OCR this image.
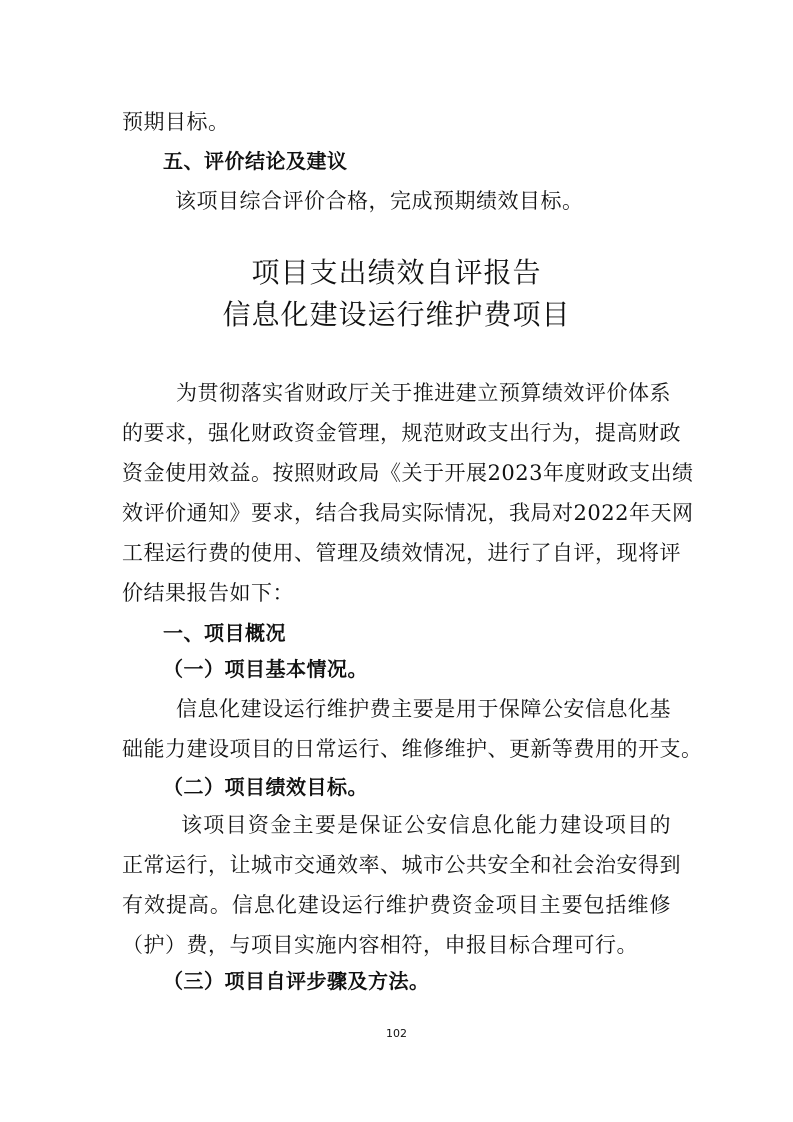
预期目标。
五、评价结论及建议
该项目综合评价合格，完成预期绩效目标。
项目支出绩效自评报告
信息化建设运行维护费项目
为贯彻落实省财政厅关于推进建立预算绩效评价体系
的要求，强化财政资金管理，规范财政支出行为，提高财政
资金使用效益。按照财政局《关于开展2023年度财政支出绩
效评价通知》要求，结合我局实际情况，我局对2022年天网
工程运行费的使用、管理及绩效情况，进行了自评，现将评
价结果报告如下：
一、项目概况
（一）项目基本情况。
信息化建设运行维护费主要是用于保障公安信息化基
础能力建设项目的日常运行、维修维护、更新等费用的开支。
（二）项目绩效目标。
该项目资金主要是保证公安信息化能力建设项目的
正常运行，让城市交通效率、城市公共安全和社会治安得到
有效提高。信息化建设运行维护费资金项目主要包括维修
（护）费，与项目实施内容相符，申报目标合理可行。
（三）项目自评步骤及方法。
102
